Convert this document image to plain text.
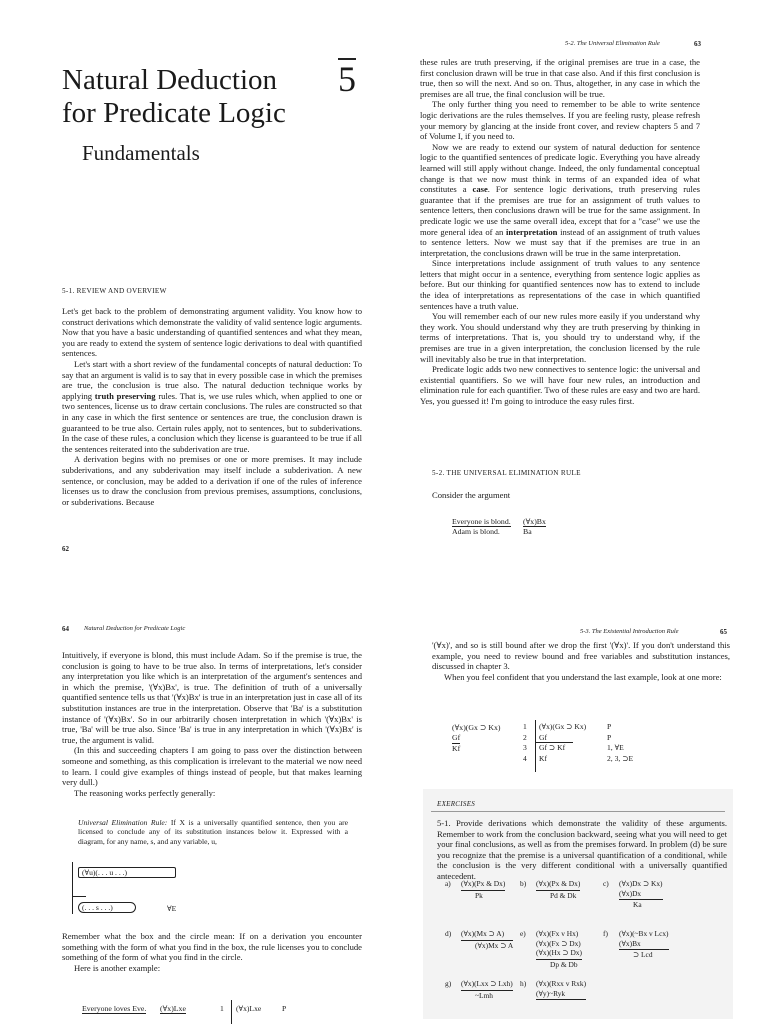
Natural Deduction
for Predicate Logic
5
Fundamentals
5-1. REVIEW AND OVERVIEW

Let's get back to the problem of demonstrating argument validity. You know how to construct derivations which demonstrate the validity of valid sentence logic arguments. Now that you have a basic understanding of quantified sentences and what they mean, you are ready to extend the system of sentence logic derivations to deal with quantified sentences.

Let's start with a short review of the fundamental concepts of natural deduction: To say that an argument is valid is to say that in every possible case in which the premises are true, the conclusion is true also. The natural deduction technique works by applying truth preserving rules. That is, we use rules which, when applied to one or two sentences, license us to draw certain conclusions. The rules are constructed so that in any case in which the first sentence or sentences are true, the conclusion drawn is guaranteed to be true also. Certain rules apply, not to sentences, but to subderivations. In the case of these rules, a conclusion which they license is guaranteed to be true if all the sentences reiterated into the subderivation are true.

A derivation begins with no premises or one or more premises. It may include subderivations, and any subderivation may itself include a subderivation. A new sentence, or conclusion, may be added to a derivation if one of the rules of inference licenses us to draw the conclusion from previous premises, assumptions, conclusions, or subderivations. Because

62
5-2. The Universal Elimination Rule	63

these rules are truth preserving, if the original premises are true in a case, the first conclusion drawn will be true in that case also. And if this first conclusion is true, then so will the next. And so on. Thus, altogether, in any case in which the premises are all true, the final conclusion will be true.

The only further thing you need to remember to be able to write sentence logic derivations are the rules themselves. If you are feeling rusty, please refresh your memory by glancing at the inside front cover, and review chapters 5 and 7 of Volume I, if you need to.

Now we are ready to extend our system of natural deduction for sentence logic to the quantified sentences of predicate logic. Everything you have already learned will still apply without change. Indeed, the only fundamental conceptual change is that we now must think in terms of an expanded idea of what constitutes a case. For sentence logic derivations, truth preserving rules guarantee that if the premises are true for an assignment of truth values to sentence letters, then conclusions drawn will be true for the same assignment. In predicate logic we use the same overall idea, except that for a "case" we use the more general idea of an interpretation instead of an assignment of truth values to sentence letters. Now we must say that if the premises are true in an interpretation, the conclusions drawn will be true in the same interpretation.

Since interpretations include assignment of truth values to any sentence letters that might occur in a sentence, everything from sentence logic applies as before. But our thinking for quantified sentences now has to extend to include the idea of interpretations as representations of the case in which quantified sentences have a truth value.

You will remember each of our new rules more easily if you understand why they work. You should understand why they are truth preserving by thinking in terms of interpretations. That is, you should try to understand why, if the premises are true in a given interpretation, the conclusion licensed by the rule will inevitably also be true in that interpretation.

Predicate logic adds two new connectives to sentence logic: the universal and existential quantifiers. So we will have four new rules, an introduction and elimination rule for each quantifier. Two of these rules are easy and two are hard. Yes, you guessed it! I'm going to introduce the easy rules first.

5-2. THE UNIVERSAL ELIMINATION RULE
Consider the argument
Everyone is blond.
Adam is blond.
(∀x)Bx
Ba
64 Natural Deduction for Predicate Logic

Intuitively, if everyone is blond, this must include Adam. So if the premise is true, the conclusion is going to have to be true also. In terms of interpretations, let's consider any interpretation you like which is an interpretation of the argument's sentences and in which the premise, '(∀x)Bx', is true. The definition of truth of a universally quantified sentence tells us that '(∀x)Bx' is true in an interpretation just in case all of its substitution instances are true in the interpretation. Observe that 'Ba' is a substitution instance of '(∀x)Bx'. So in our arbitrarily chosen interpretation in which '(∀x)Bx' is true, 'Ba' will be true also. Since 'Ba' is true in any interpretation in which '(∀x)Bx' is true, the argument is valid.

(In this and succeeding chapters I am going to pass over the distinction between someone and something, as this complication is irrelevant to the material we now need to learn. I could give examples of things instead of people, but that makes learning very dull.)

The reasoning works perfectly generally:

Universal Elimination Rule: If X is a universally quantified sentence, then you are licensed to conclude any of its substitution instances below it. Expressed with a diagram, for any name, s, and any variable, u,

(∀u)(. . . u . . .)
(. . . s . . .)	∀E

Remember what the box and the circle mean: If on a derivation you encounter something with the form of what you find in the box, the rule licenses you to conclude something of the form of what you find in the circle.

Here is another example:

Everyone loves Eve. (∀x)Lxe	1 (∀x)Lxe	P
5-3. The Existential Introduction Rule	65

'(∀x)', and so is still bound after we drop the first '(∀x)'. If you don't understand this example, you need to review bound and free variables and substitution instances, discussed in chapter 3.

When you feel confident that you understand the last example, look at one more:

(∀x)(Gx ⊃ Kx)
Gf

Kf
1 (∀x)(Gx ⊃ Kx)	P
2 Gf	P
3 Gf ⊃ Kf	1, ∀E
4 Kf	2, 3, ⊃E
EXERCISES

5-1. Provide derivations which demonstrate the validity of these arguments. Remember to work from the conclusion backward, seeing what you will need to get your final conclusions, as well as from the premises forward. In problem (d) be sure you recognize that the premise is a universal quantification of a conditional, while the conclusion is the very different conditional with a universally quantified antecedent.

a) (∀x)(Px & Dx)
Pk
b) (∀x)(Px & Dx)
Pd & Dk
c) (∀x)Dx ⊃ Kx)
(∀x)Dx
Ka
d) (∀x)(Mx ⊃ A)
(∀x)Mx ⊃ A
e) (∀x)(Fx v Hx)
(∀x)(Fx ⊃ Dx)
(∀x)(Hx ⊃ Dx)
Dp & Db
f) (∀x)(~Bx v Lcx)
(∀x)Bx
⊃ Lcd
g) (∀x)(Lxx ⊃ Lxh)
~Lmh
h) (∀x)(Rxx v Rxk)
(∀y)~Ryk
